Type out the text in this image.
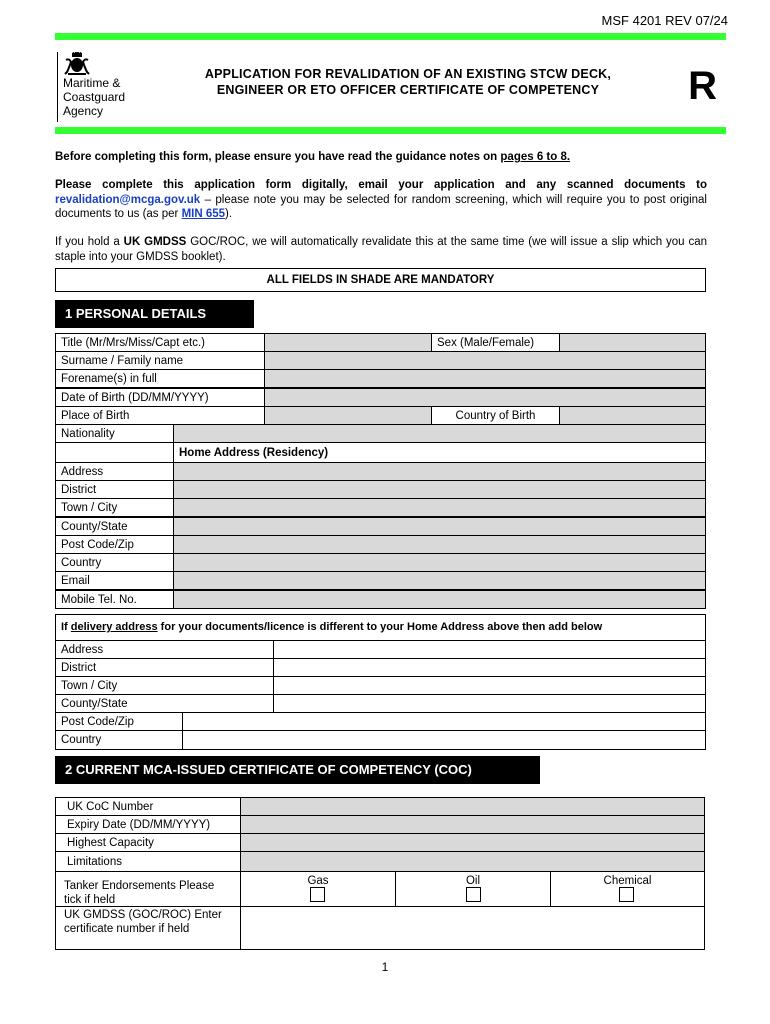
MSF 4201 REV 07/24
Maritime &
Coastguard
Agency
APPLICATION FOR REVALIDATION OF AN EXISTING STCW DECK,
ENGINEER OR ETO OFFICER CERTIFICATE OF COMPETENCY	R
Before completing this form, please ensure you have read the guidance notes on pages 6 to 8.
Please complete this application form digitally, email your application and any scanned documents to revalidation@mcga.gov.uk – please note you may be selected for random screening, which will require you to post original documents to us (as per MIN 655).
If you hold a UK GMDSS GOC/ROC, we will automatically revalidate this at the same time (we will issue a slip which you can staple into your GMDSS booklet).
ALL FIELDS IN SHADE ARE MANDATORY
1 PERSONAL DETAILS
Title (Mr/Mrs/Miss/Capt etc.)	Sex (Male/Female)
Surname / Family name
Forename(s) in full
Date of Birth (DD/MM/YYYY)
Place of Birth	Country of Birth
Nationality
Home Address (Residency)
Address
District
Town / City
County/State
Post Code/Zip
Country
Email
Mobile Tel. No.
If delivery address for your documents/licence is different to your Home Address above then add below
Address
District
Town / City
County/State
Post Code/Zip
Country
2 CURRENT MCA-ISSUED CERTIFICATE OF COMPETENCY (COC)
UK CoC Number
Expiry Date (DD/MM/YYYY)
Highest Capacity
Limitations
Tanker Endorsements Please tick if held
Gas	Oil	Chemical
UK GMDSS (GOC/ROC) Enter certificate number if held
1
